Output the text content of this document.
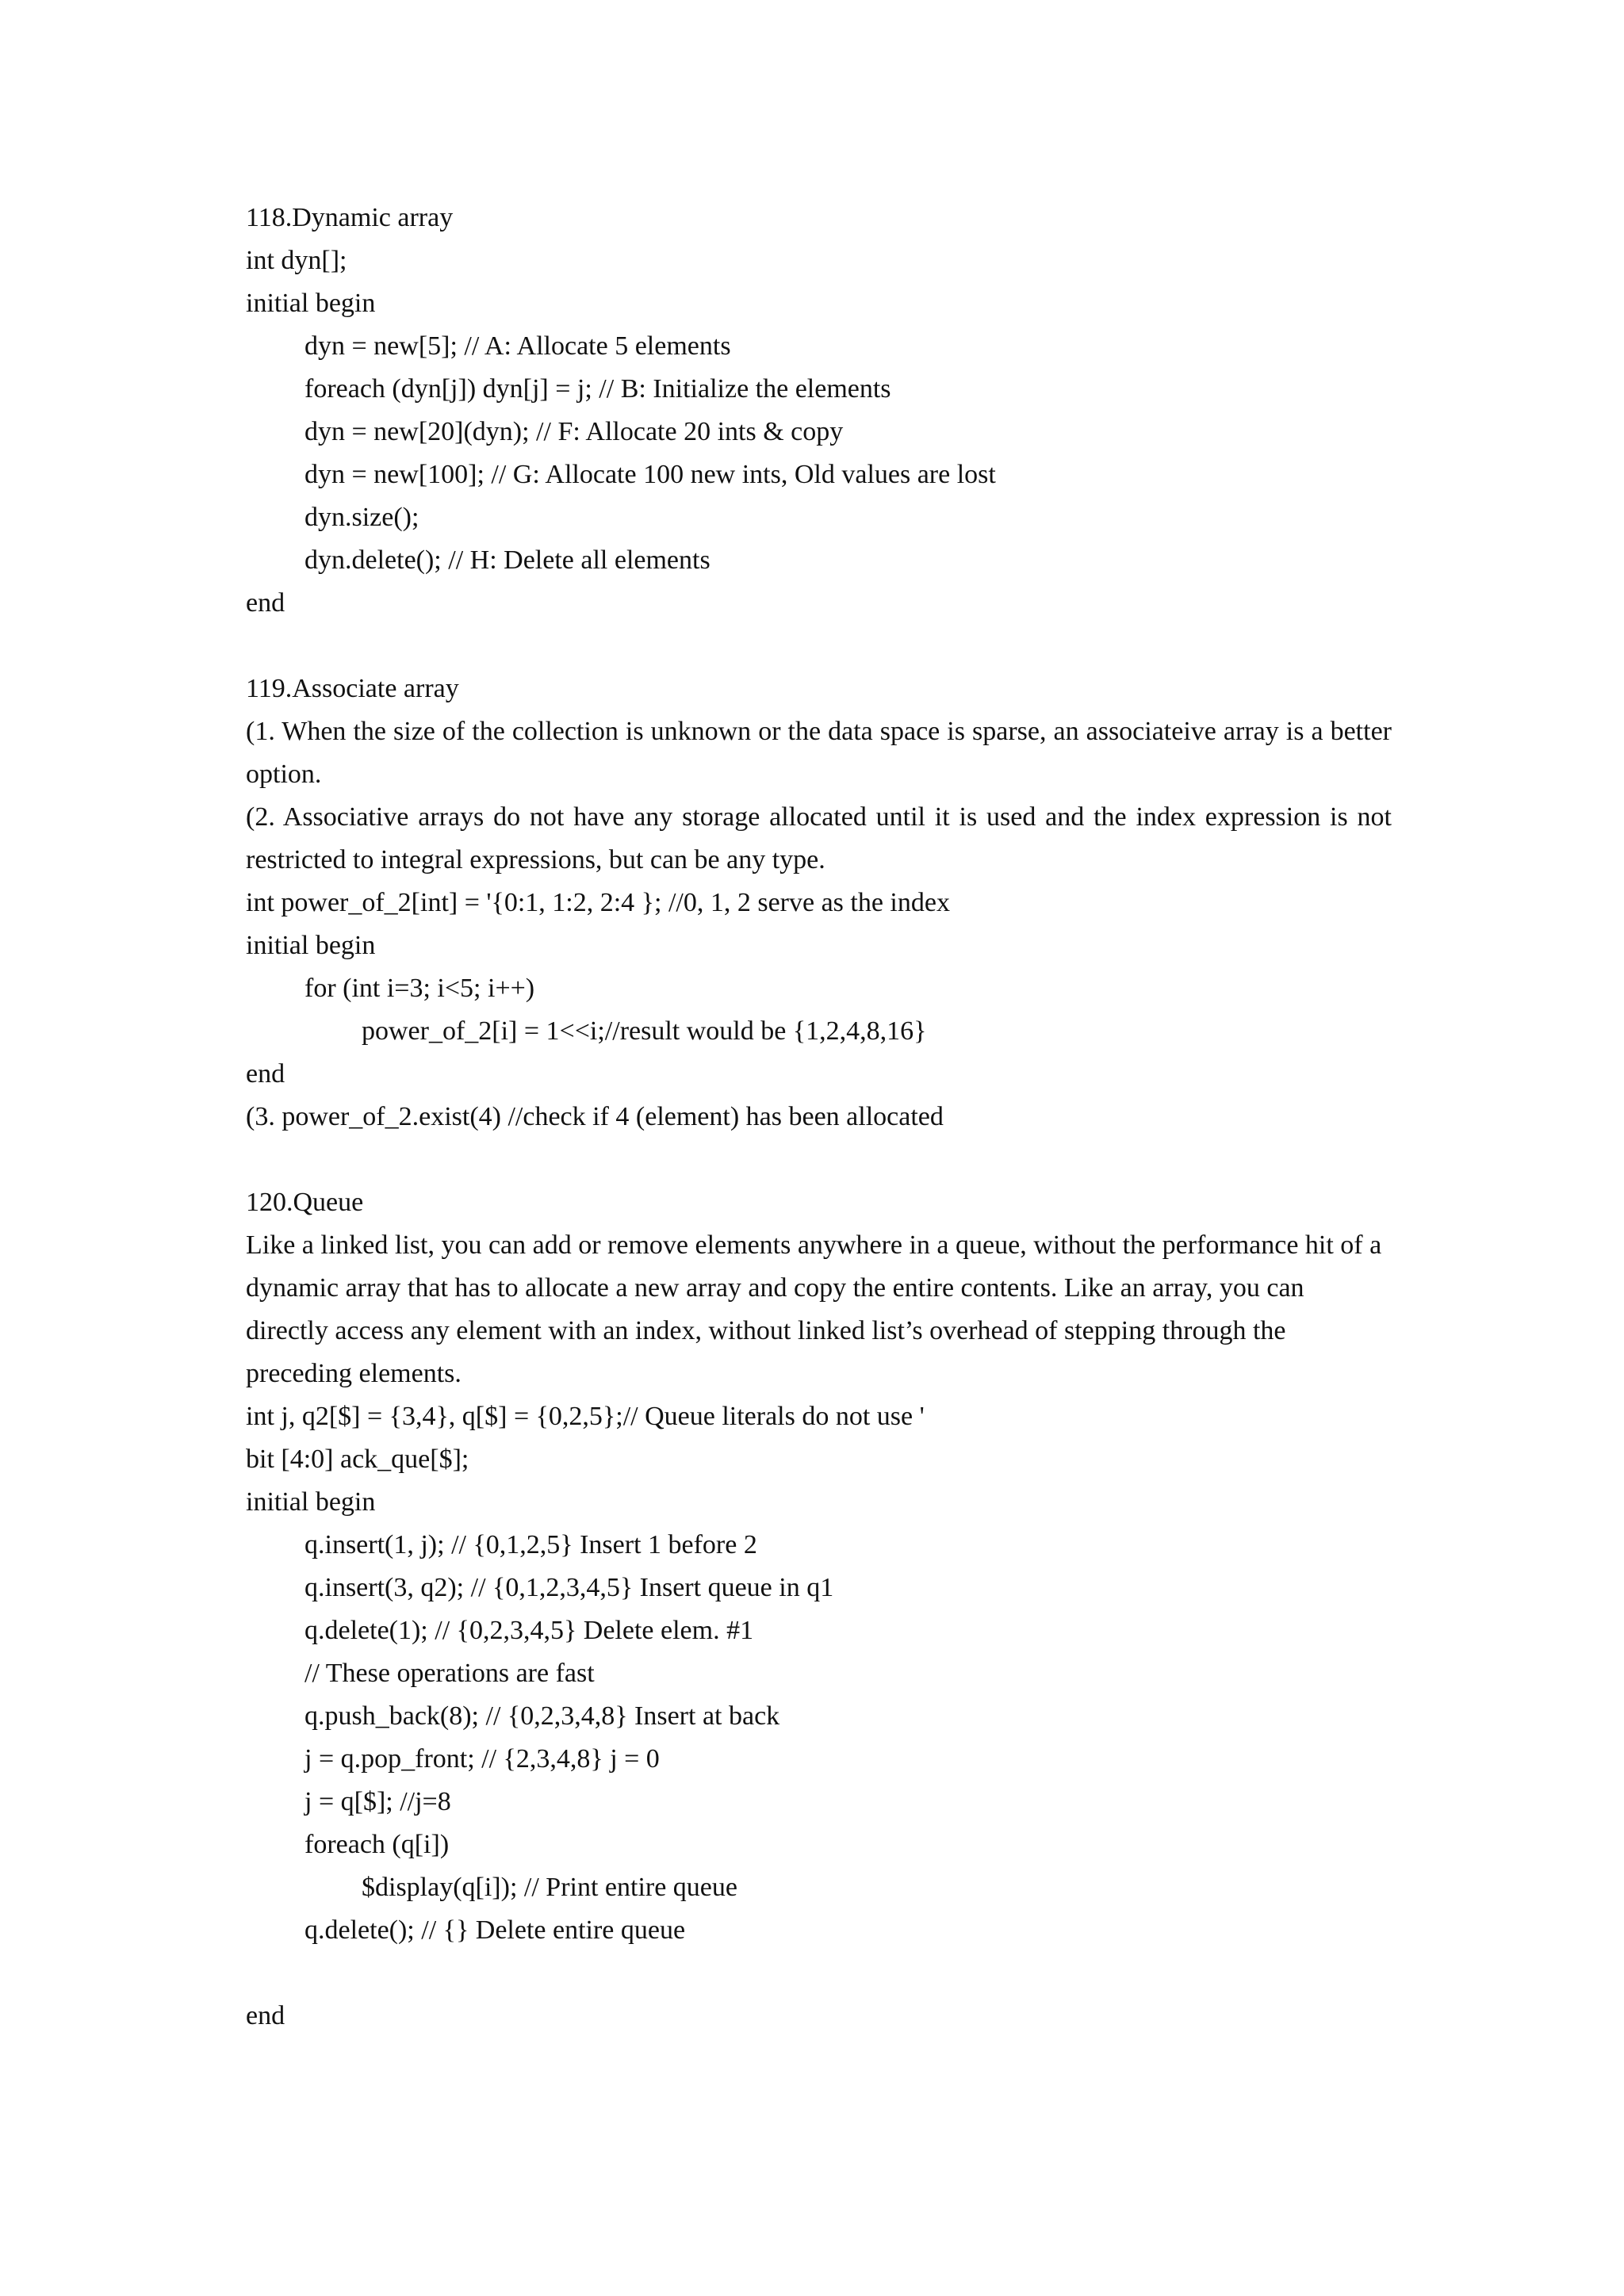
118.Dynamic array
int dyn[];
initial begin
dyn = new[5]; // A: Allocate 5 elements
foreach (dyn[j]) dyn[j] = j; // B: Initialize the elements
dyn = new[20](dyn); // F: Allocate 20 ints & copy
dyn = new[100]; // G: Allocate 100 new ints, Old values are lost
dyn.size();
dyn.delete(); // H: Delete all elements
end
119.Associate array
(1. When the size of the collection is unknown or the data space is sparse, an associateive array is a better
option.
(2. Associative arrays do not have any storage allocated until it is used and the index expression is not
restricted to integral expressions, but can be any type.
int power_of_2[int] = '{0:1, 1:2, 2:4 }; //0, 1, 2 serve as the index
initial begin
for (int i=3; i<5; i++)
power_of_2[i] = 1<<i;//result would be {1,2,4,8,16}
end
(3. power_of_2.exist(4) //check if 4 (element) has been allocated
120.Queue
Like a linked list, you can add or remove elements anywhere in a queue, without the performance hit of a
dynamic array that has to allocate a new array and copy the entire contents. Like an array, you can
directly access any element with an index, without linked list’s overhead of stepping through the
preceding elements.
int j, q2[$] = {3,4}, q[$] = {0,2,5};// Queue literals do not use '
bit [4:0] ack_que[$];
initial begin
q.insert(1, j); // {0,1,2,5} Insert 1 before 2
q.insert(3, q2); // {0,1,2,3,4,5} Insert queue in q1
q.delete(1); // {0,2,3,4,5} Delete elem. #1
// These operations are fast
q.push_back(8); // {0,2,3,4,8} Insert at back
j = q.pop_front; // {2,3,4,8} j = 0
j = q[$]; //j=8
foreach (q[i])
$display(q[i]); // Print entire queue
q.delete(); // {} Delete entire queue
end
